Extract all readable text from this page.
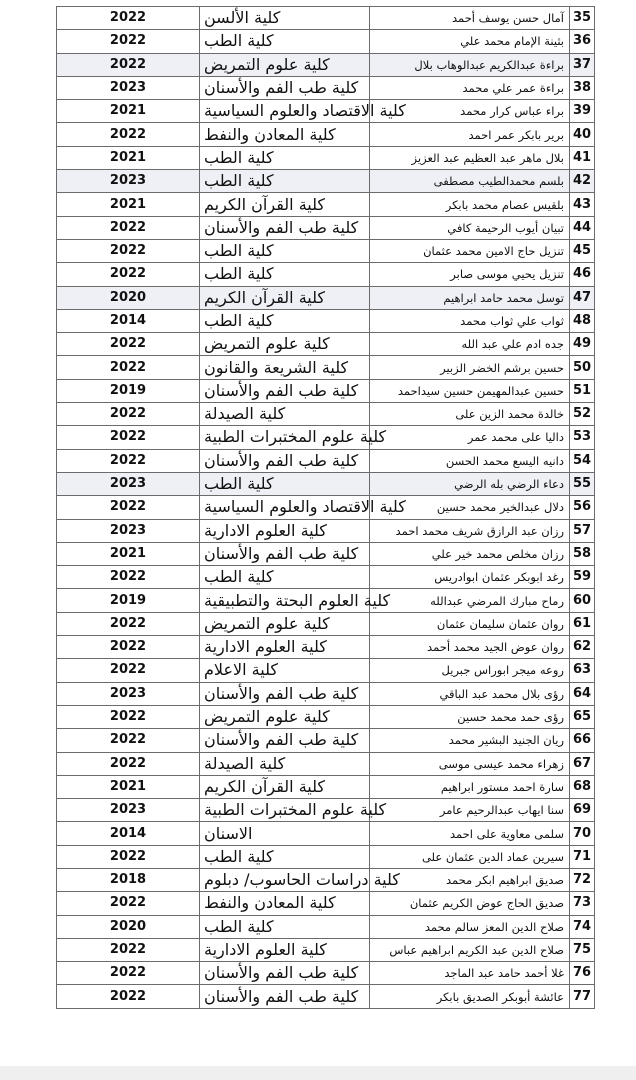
2022	كلية الألسن	آمال حسن يوسف أحمد	35
2022	كلية الطب	بثينة الإمام محمد علي	36
2022	كلية علوم التمريض	براءة عبدالكريم عبدالوهاب بلال	37
2023	كلية طب الفم والأسنان	براءة عمر علي محمد	38
2021	كلية الاقتصاد والعلوم السياسية	براء عباس كرار محمد	39
2022	كلية المعادن والنفط	برير بابكر عمر احمد	40
2021	كلية الطب	بلال ماهر عبد العظيم عبد العزيز	41
2023	كلية الطب	بلسم محمدالطيب مصطفى	42
2021	كلية القرآن الكريم	بلقيس عصام محمد بابكر	43
2022	كلية طب الفم والأسنان	تبيان أيوب الرحيمة كافي	44
2022	كلية الطب	تنزيل حاج الامين محمد عثمان	45
2022	كلية الطب	تنزيل يحيي موسى صابر	46
2020	كلية القرآن الكريم	توسل محمد حامد ابراهيم	47
2014	كلية الطب	ثواب علي ثواب محمد	48
2022	كلية علوم التمريض	جده ادم علي عبد الله	49
2022	كلية الشريعة والقانون	حسين برشم الخضر الزبير	50
2019	كلية طب الفم والأسنان	حسين عبدالمهيمن حسين سيداحمد	51
2022	كلية الصيدلة	خالدة محمد الزين على	52
2022	كلية علوم المختبرات الطبية	داليا على محمد عمر	53
2022	كلية طب الفم والأسنان	دانيه اليسع محمد الحسن	54
2023	كلية الطب	دعاء الرضي بله الرضي	55
2022	كلية الاقتصاد والعلوم السياسية	دلال عبدالخير محمد حسين	56
2023	كلية العلوم الادارية	رزان عبد الرازق شريف محمد احمد	57
2021	كلية طب الفم والأسنان	رزان مخلص محمد خير علي	58
2022	كلية الطب	رغد ابوبكر عثمان ابوادريس	59
2019	كلية العلوم البحتة والتطبيقية	رماح مبارك المرضي عبدالله	60
2022	كلية علوم التمريض	روان عثمان سليمان عثمان	61
2022	كلية العلوم الادارية	روان عوض الجيد محمد أحمد	62
2022	كلية الاعلام	روعه ميجر ابوراس جبريل	63
2023	كلية طب الفم والأسنان	رؤى بلال محمد عبد الباقي	64
2022	كلية علوم التمريض	رؤى حمد محمد حسين	65
2022	كلية طب الفم والأسنان	ريان الجنيد البشير محمد	66
2022	كلية الصيدلة	زهراء محمد عيسى موسى	67
2021	كلية القرآن الكريم	سارة احمد مستور ابراهيم	68
2023	كلية علوم المختبرات الطبية	سنا ايهاب عبدالرحيم عامر	69
2014	الاسنان	سلمى معاوية على احمد	70
2022	كلية الطب	سيرين عماد الدين عثمان على	71
2018	كلية دراسات الحاسوب/ دبلوم	صديق ابراهيم ابكر محمد	72
2022	كلية المعادن والنفط	صديق الحاج عوض الكريم عثمان	73
2020	كلية الطب	صلاح الدين المعز سالم محمد	74
2022	كلية العلوم الادارية	صلاح الدين عبد الكريم ابراهيم عباس	75
2022	كلية طب الفم والأسنان	غلا أحمد حامد عبد الماجد	76
2022	كلية طب الفم والأسنان	عائشة أبوبكر الصديق بابكر	77
